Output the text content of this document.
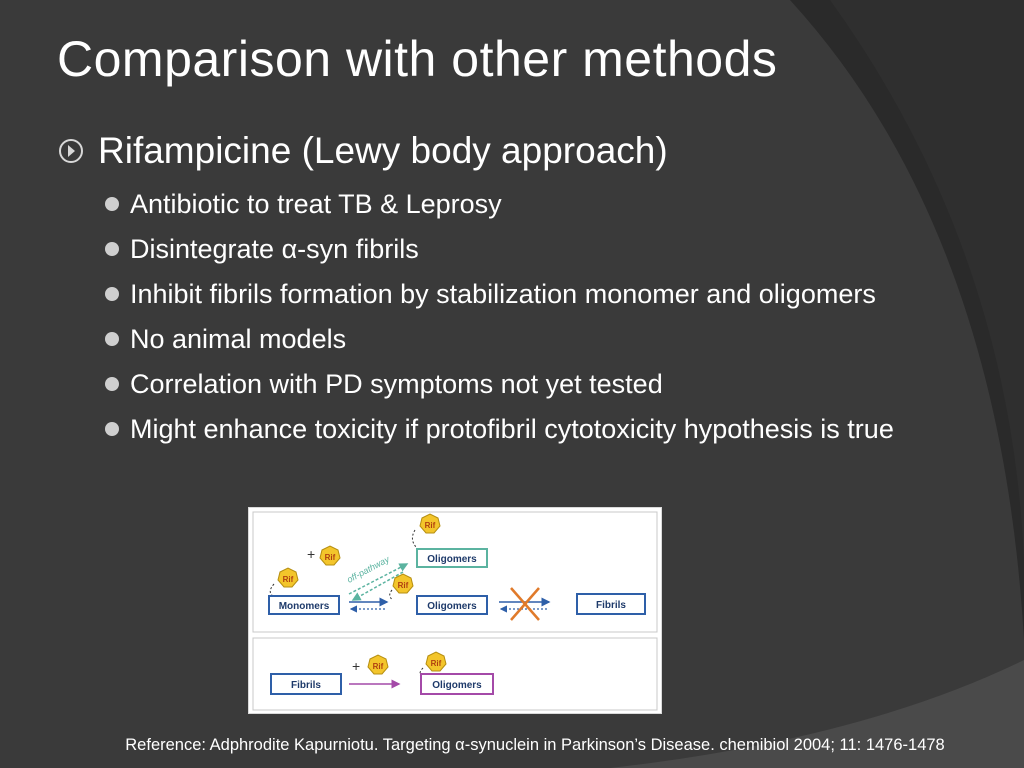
Comparison with other methods
Rifampicine (Lewy body approach)
Antibiotic to treat TB & Leprosy
Disintegrate α-syn fibrils
Inhibit fibrils formation by stabilization monomer and oligomers
No animal models
Correlation with PD symptoms not yet tested
Might enhance toxicity if protofibril cytotoxicity hypothesis is true
Rif
Oligomers
+ Rif off-pathway
Rif
Monomers
Rif
Oligomers	Fibrils
Fibrils
+ Rif	Rif
Oligomers
Reference: Adphrodite Kapurniotu. Targeting α-synuclein in Parkinson’s Disease. chemibiol 2004; 11: 1476-1478
